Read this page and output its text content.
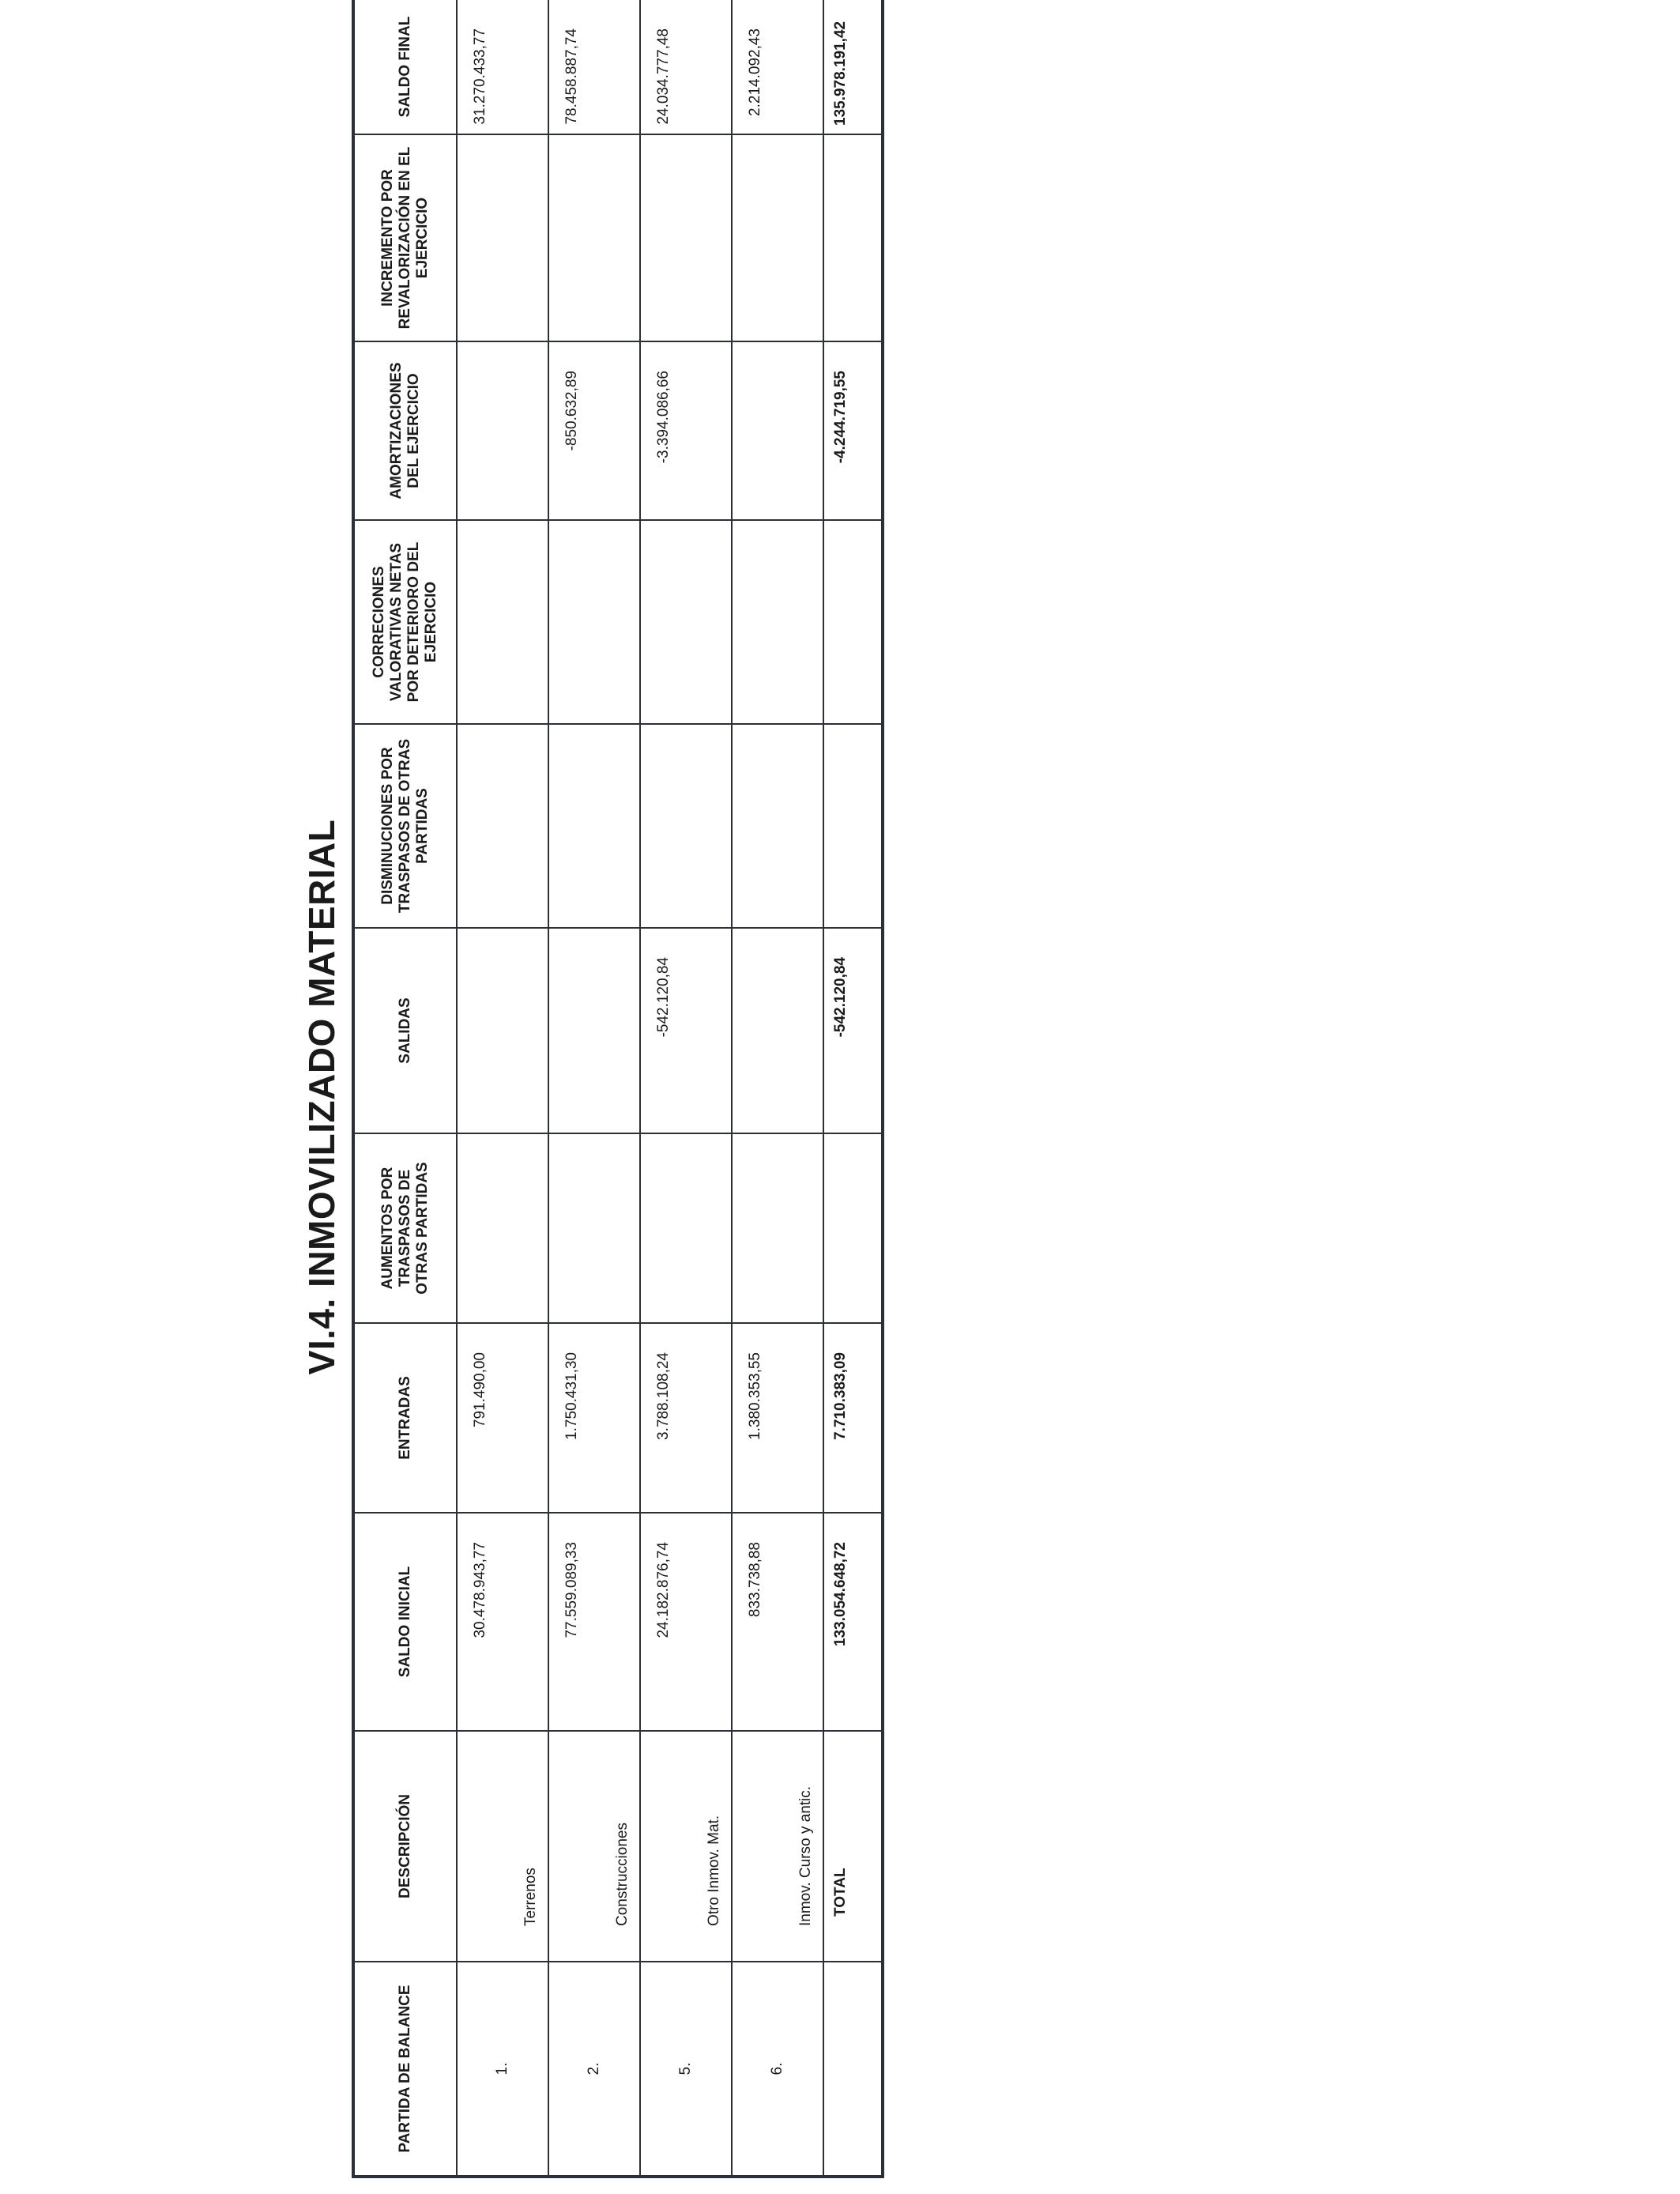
VI.4. INMOVILIZADO MATERIAL
PARTIDA DE BALANCE	DESCRIPCIÓN	SALDO INICIAL	ENTRADAS	AUMENTOS POR TRASPASOS DE OTRAS PARTIDAS	SALIDAS	DISMINUCIONES POR TRASPASOS DE OTRAS PARTIDAS	CORRECIONES VALORATIVAS NETAS POR DETERIORO DEL EJERCICIO	AMORTIZACIONES DEL EJERCICIO	INCREMENTO POR REVALORIZACIÓN EN EL EJERCICIO	SALDO FINAL
1.	Terrenos	30.478.943,77	791.490,00							31.270.433,77
2.	Construcciones	77.559.089,33	1.750.431,30					-850.632,89		78.458.887,74
5.	Otro Inmov. Mat.	24.182.876,74	3.788.108,24		-542.120,84			-3.394.086,66		24.034.777,48
6.	Inmov. Curso y antic.	833.738,88	1.380.353,55							2.214.092,43
	TOTAL	133.054.648,72	7.710.383,09		-542.120,84			-4.244.719,55		135.978.191,42
